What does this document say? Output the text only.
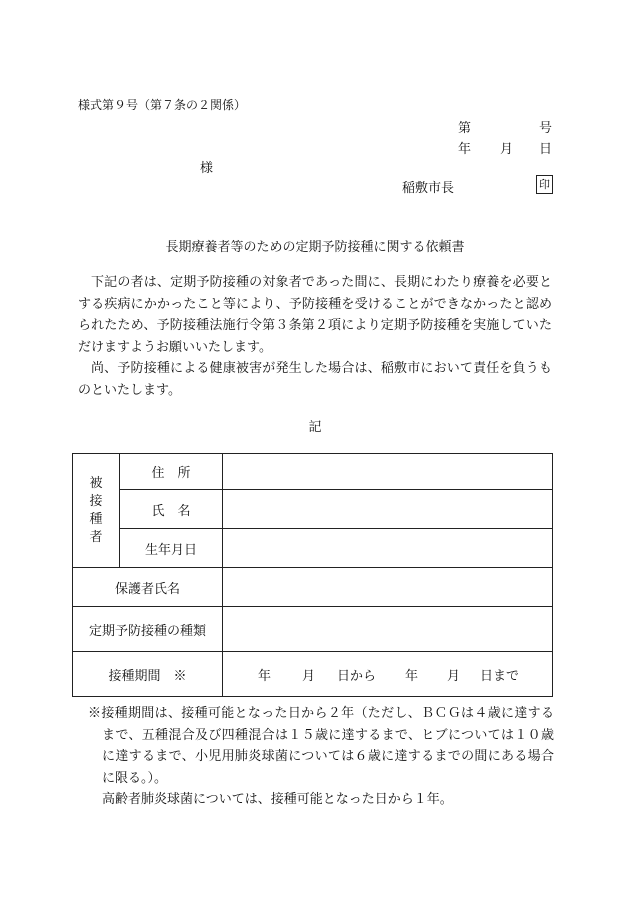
様式第９号（第７条の２関係）
第	号
年 月 日
様
稲敷市長	印
長期療養者等のための定期予防接種に関する依頼書

下記の者は、定期予防接種の対象者であった間に、長期にわたり療養を必要とする疾病にかかったこと等により、予防接種を受けることができなかったと認められたため、予防接種法施行令第３条第２項により定期予防接種を実施していただけますようお願いいたします。

尚、予防接種による健康被害が発生した場合は、稲敷市において責任を負うものといたします。

記
被
接
種
者	住　所	
	氏　名	
	生年月日	
保護者氏名		
定期予防接種の種類		
接種期間　※		年 月 日から 年 月 日まで
※接種期間は、接種可能となった日から２年（ただし、ＢＣＧは４歳に達するまで、五種混合及び四種混合は１５歳に達するまで、ヒブについては１０歳に達するまで、小児用肺炎球菌については６歳に達するまでの間にある場合に限る。）。
高齢者肺炎球菌については、接種可能となった日から１年。
